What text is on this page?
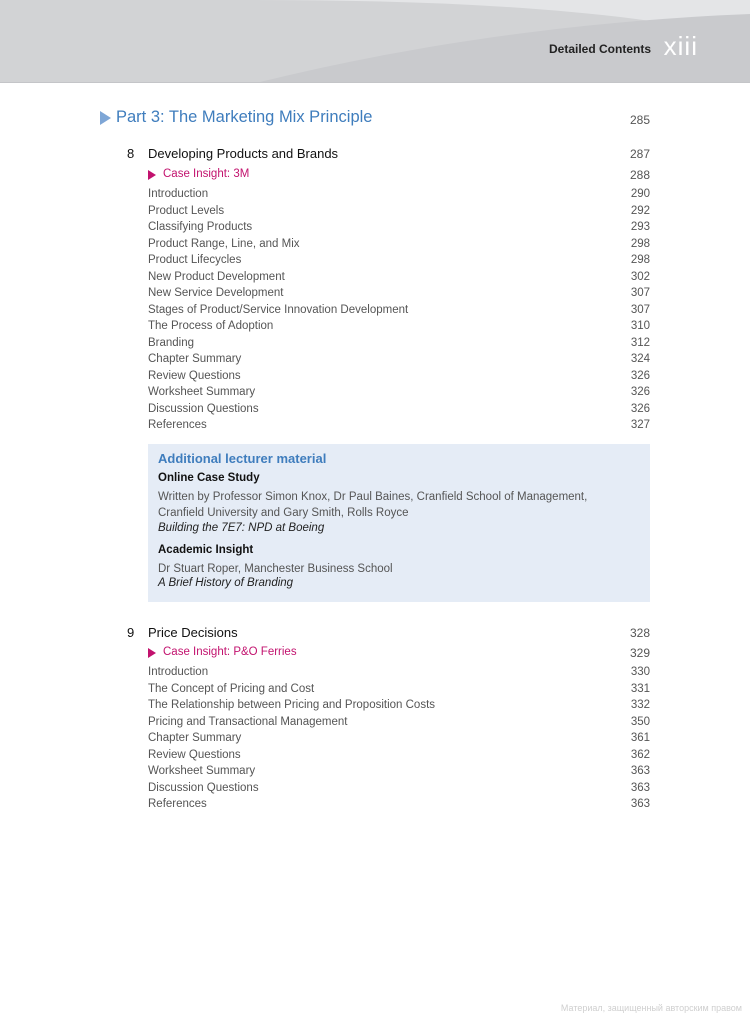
Detailed Contents xiii
Part 3: The Marketing Mix Principle	285
8 Developing Products and Brands	287
Case Insight: 3M	288
Introduction	290
Product Levels	292
Classifying Products	293
Product Range, Line, and Mix	298
Product Lifecycles	298
New Product Development	302
New Service Development	307
Stages of Product/Service Innovation Development	307
The Process of Adoption	310
Branding	312
Chapter Summary	324
Review Questions	326
Worksheet Summary	326
Discussion Questions	326
References	327
Additional lecturer material
Online Case Study
Written by Professor Simon Knox, Dr Paul Baines, Cranfield School of Management, Cranfield University and Gary Smith, Rolls Royce
Building the 7E7: NPD at Boeing
Academic Insight
Dr Stuart Roper, Manchester Business School
A Brief History of Branding
9 Price Decisions	328
Case Insight: P&O Ferries	329
Introduction	330
The Concept of Pricing and Cost	331
The Relationship between Pricing and Proposition Costs	332
Pricing and Transactional Management	350
Chapter Summary	361
Review Questions	362
Worksheet Summary	363
Discussion Questions	363
References	363
Материал, защищенный авторским правом
